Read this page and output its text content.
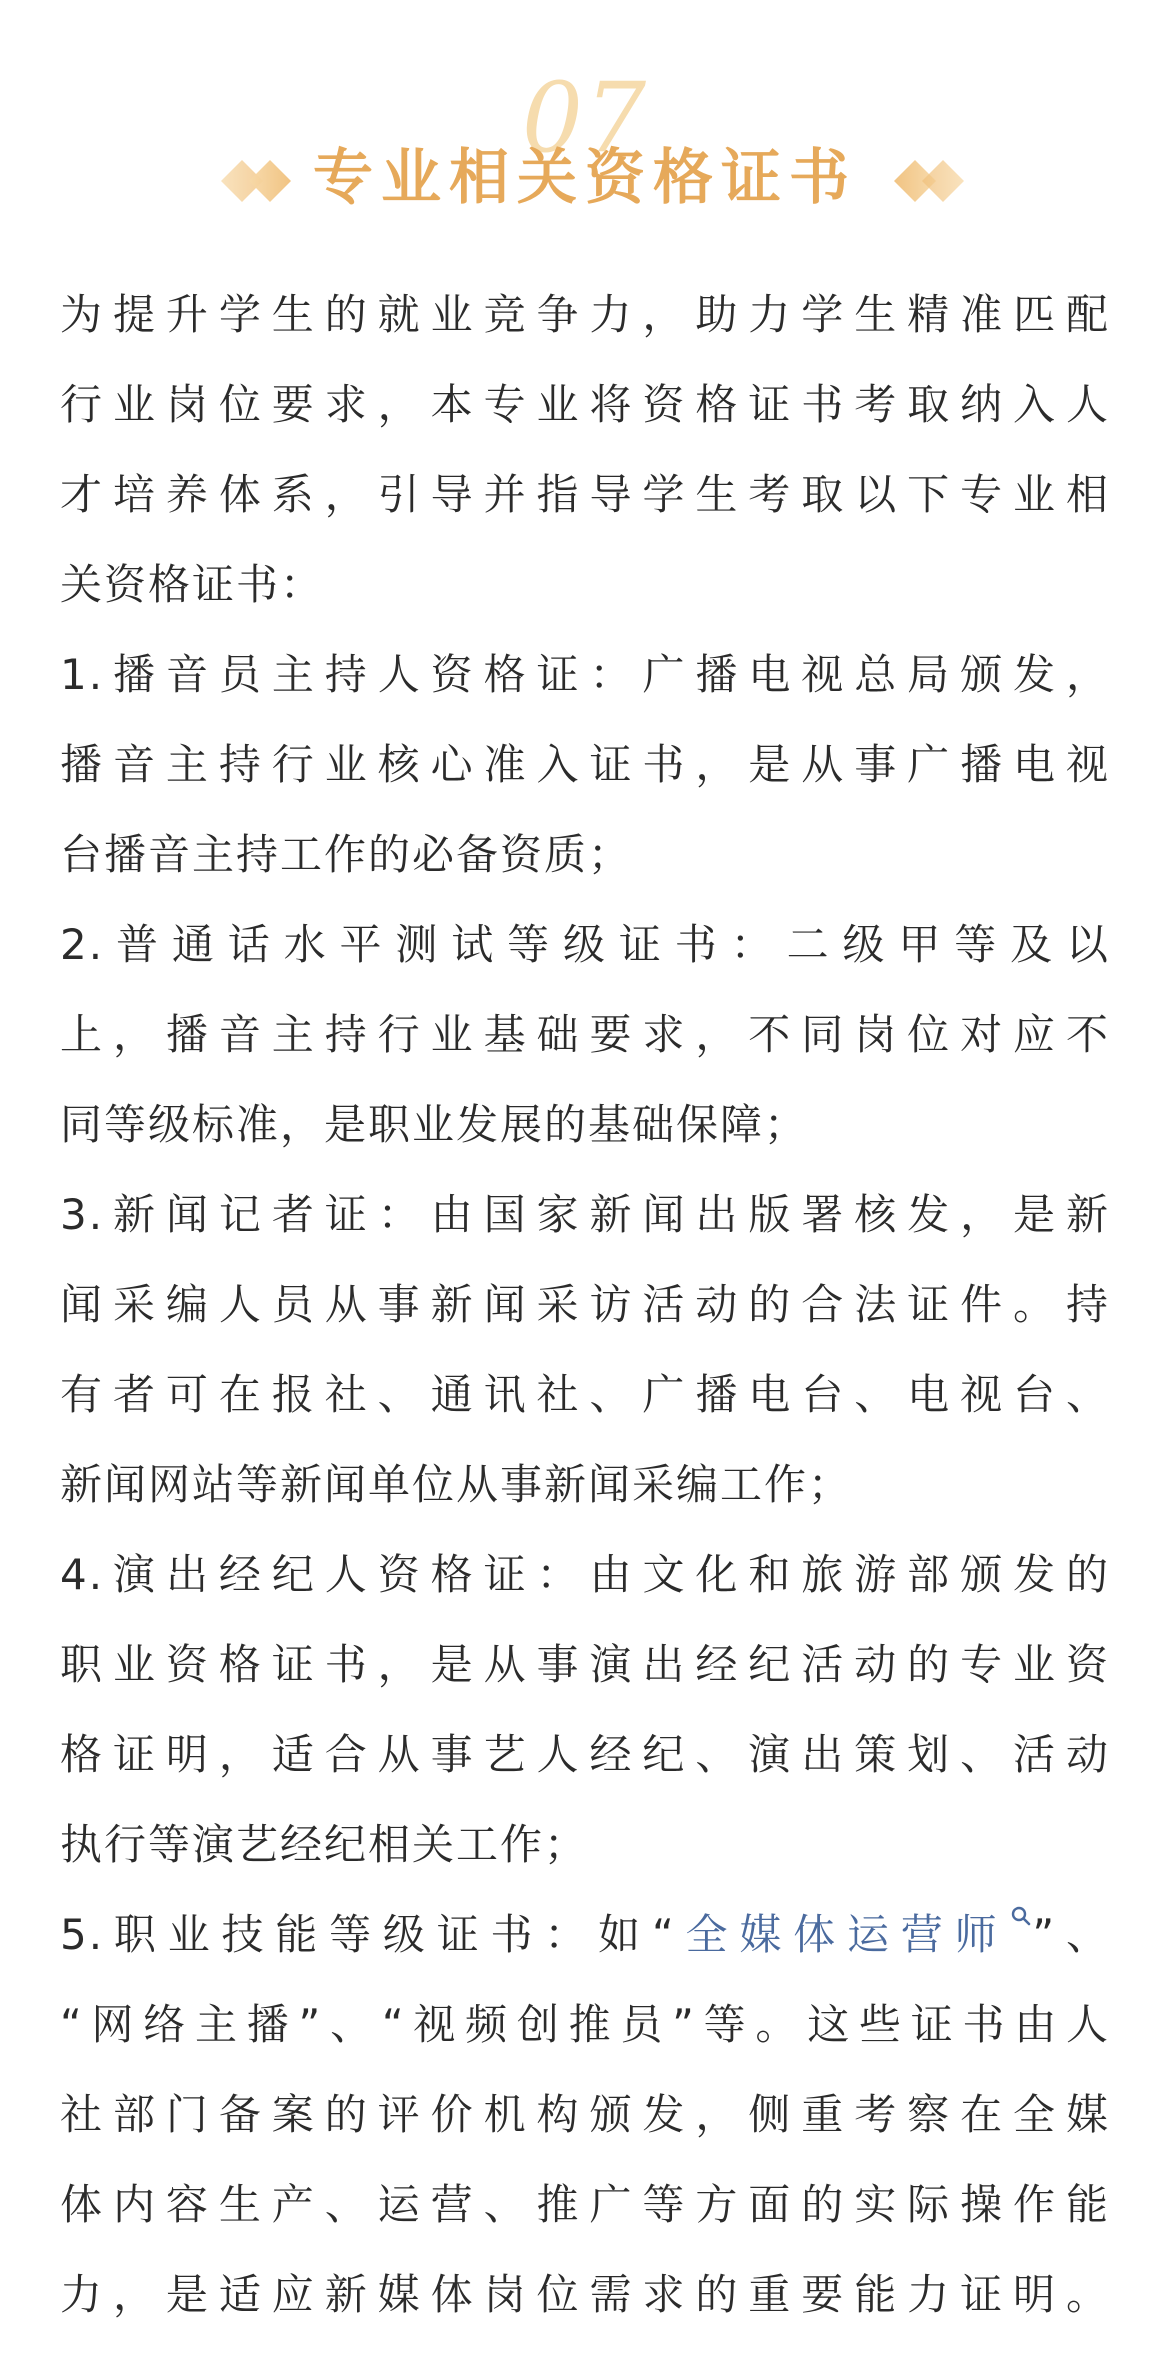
07
专业相关资格证书
为提升学生的就业竞争力，助力学生精准匹配
行业岗位要求，本专业将资格证书考取纳入人
才培养体系，引导并指导学生考取以下专业相
关资格证书：
1.播音员主持人资格证：广播电视总局颁发，
播音主持行业核心准入证书，是从事广播电视
台播音主持工作的必备资质；
2.普通话水平测试等级证书：二级甲等及以
上，播音主持行业基础要求，不同岗位对应不
同等级标准，是职业发展的基础保障；
3.新闻记者证：由国家新闻出版署核发，是新
闻采编人员从事新闻采访活动的合法证件。持
有者可在报社、通讯社、广播电台、电视台、
新闻网站等新闻单位从事新闻采编工作；
4.演出经纪人资格证：由文化和旅游部颁发的
职业资格证书，是从事演出经纪活动的专业资
格证明，适合从事艺人经纪、演出策划、活动
执行等演艺经纪相关工作；
5.职业技能等级证书：如“全媒体运营师 ”、
“网络主播”、“视频创推员”等。这些证书由人
社部门备案的评价机构颁发，侧重考察在全媒
体内容生产、运营、推广等方面的实际操作能
力，是适应新媒体岗位需求的重要能力证明。
